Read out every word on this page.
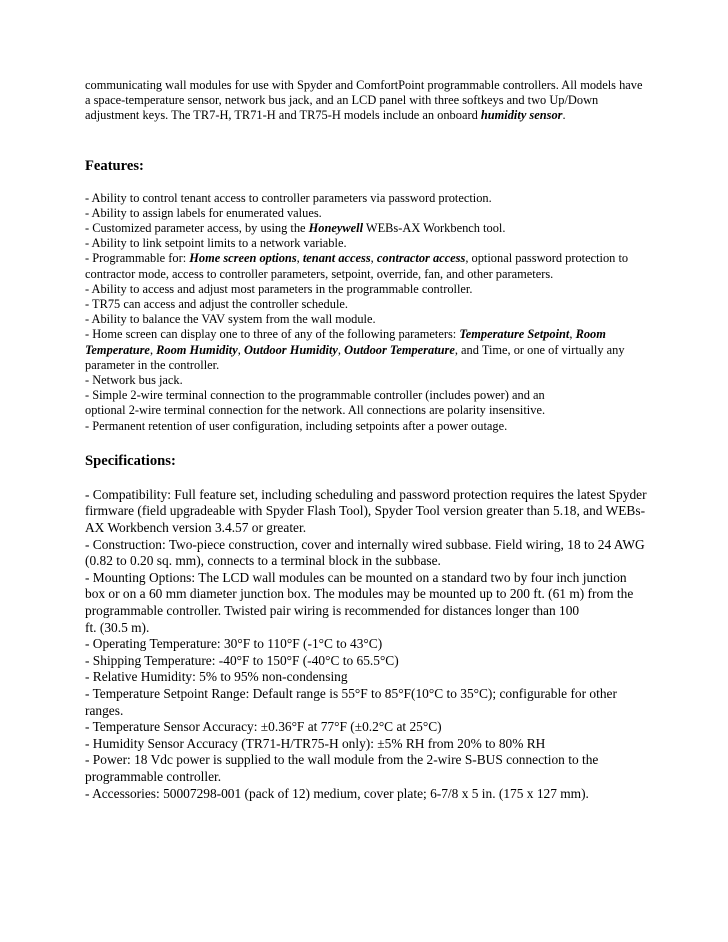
communicating wall modules for use with Spyder and ComfortPoint programmable controllers. All models have a space-temperature sensor, network bus jack, and an LCD panel with three softkeys and two Up/Down adjustment keys. The TR7-H, TR71-H and TR75-H models include an onboard humidity sensor.

Features:

- Ability to control tenant access to controller parameters via password protection.

- Ability to assign labels for enumerated values.

- Customized parameter access, by using the Honeywell WEBs-AX Workbench tool.

- Ability to link setpoint limits to a network variable.

- Programmable for: Home screen options, tenant access, contractor access, optional password protection to contractor mode, access to controller parameters, setpoint, override, fan, and other parameters.

- Ability to access and adjust most parameters in the programmable controller.

- TR75 can access and adjust the controller schedule.

- Ability to balance the VAV system from the wall module.

- Home screen can display one to three of any of the following parameters: Temperature Setpoint, Room Temperature, Room Humidity, Outdoor Humidity, Outdoor Temperature, and Time, or one of virtually any parameter in the controller.

- Network bus jack.

- Simple 2-wire terminal connection to the programmable controller (includes power) and an

optional 2-wire terminal connection for the network. All connections are polarity insensitive.

- Permanent retention of user configuration, including setpoints after a power outage.

Specifications:

- Compatibility: Full feature set, including scheduling and password protection requires the latest Spyder firmware (field upgradeable with Spyder Flash Tool), Spyder Tool version greater than 5.18, and WEBs-AX Workbench version 3.4.57 or greater.

- Construction: Two-piece construction, cover and internally wired subbase. Field wiring, 18 to 24 AWG (0.82 to 0.20 sq. mm), connects to a terminal block in the subbase.

- Mounting Options: The LCD wall modules can be mounted on a standard two by four inch junction box or on a 60 mm diameter junction box. The modules may be mounted up to 200 ft. (61 m) from the programmable controller. Twisted pair wiring is recommended for distances longer than 100

ft. (30.5 m).

- Operating Temperature: 30°F to 110°F (-1°C to 43°C)

- Shipping Temperature: -40°F to 150°F (-40°C to 65.5°C)

- Relative Humidity: 5% to 95% non-condensing

- Temperature Setpoint Range: Default range is 55°F to 85°F(10°C to 35°C); configurable for other ranges.

- Temperature Sensor Accuracy: ±0.36°F at 77°F (±0.2°C at 25°C)

- Humidity Sensor Accuracy (TR71-H/TR75-H only): ±5% RH from 20% to 80% RH

- Power: 18 Vdc power is supplied to the wall module from the 2-wire S-BUS connection to the programmable controller.

- Accessories: 50007298-001 (pack of 12) medium, cover plate; 6-7/8 x 5 in. (175 x 127 mm).
